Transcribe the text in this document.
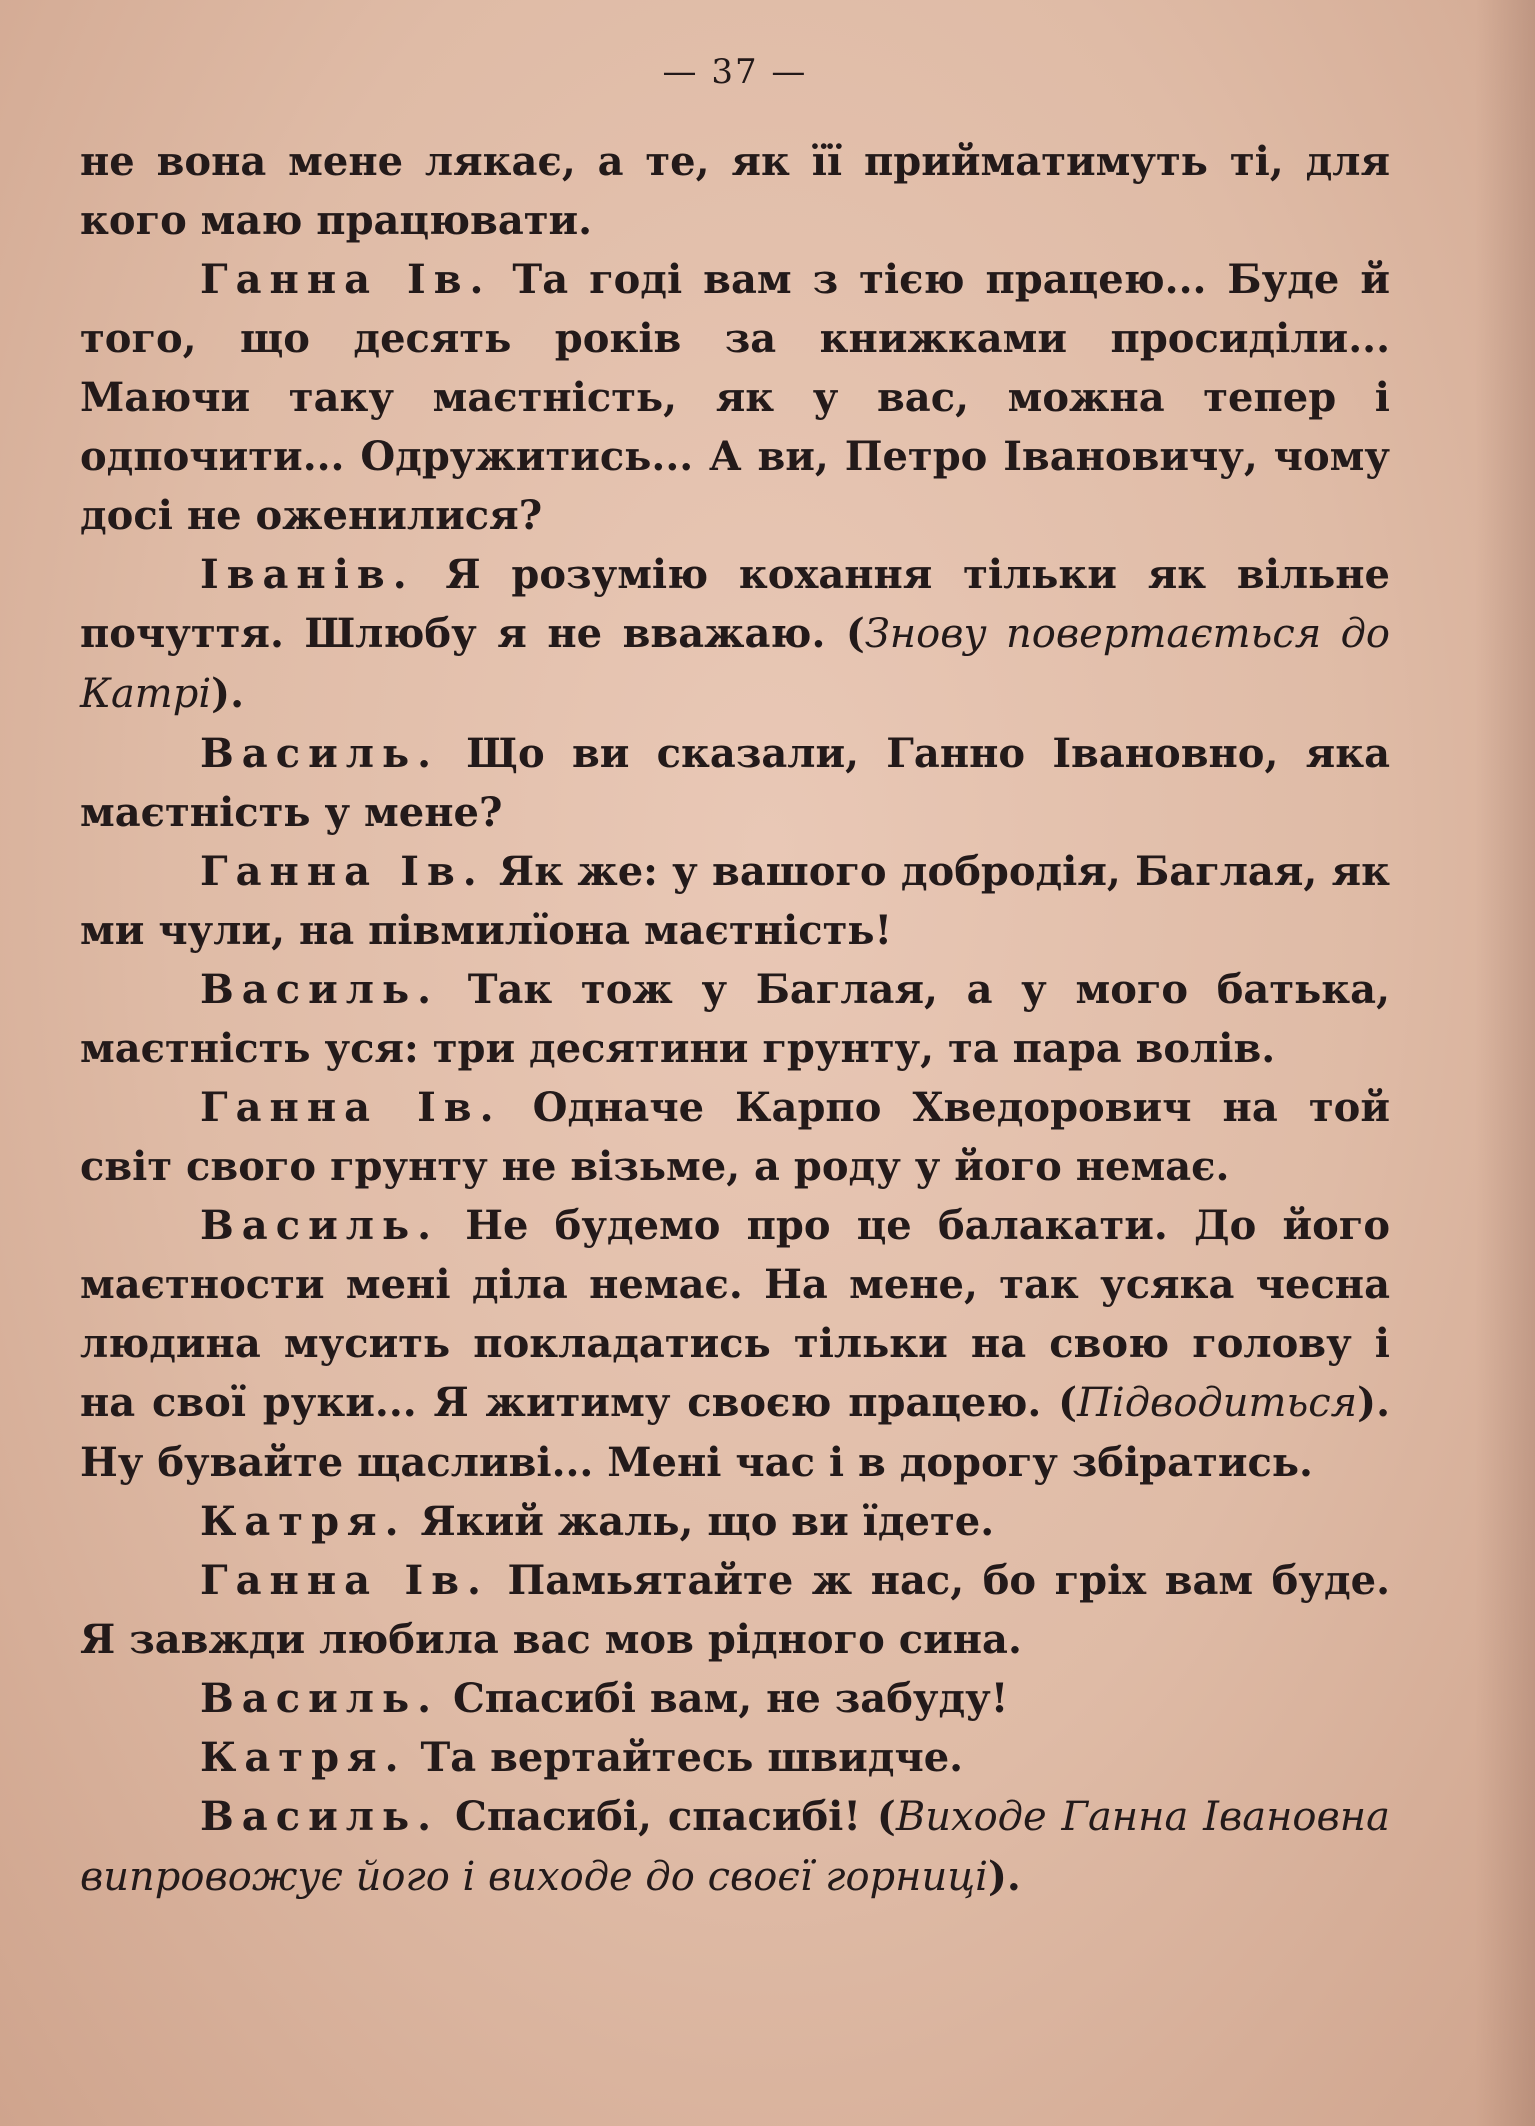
— 37 —

не вона мене лякає, а те, як її прийматимуть ті, для кого маю працювати.

Ганна Ів. Та годі вам з тією працею... Буде й того, що десять років за книжками просиділи... Маючи таку маєтність, як у вас, можна тепер і одпочити... Одружитись... А ви, Петро Івановичу, чому досі не оженилися?

Іванів. Я розумію кохання тільки як вільне почуття. Шлюбу я не вважаю. (Знову повертається до Катрі).

Василь. Що ви сказали, Ганно Івановно, яка маєтність у мене?

Ганна Ів. Як же: у вашого добродія, Баглая, як ми чули, на півмилїона маєтність!

Василь. Так тож у Баглая, а у мого батька, маєтність уся: три десятини грунту, та пара волів.

Ганна Ів. Одначе Карпо Хведорович на той світ свого грунту не візьме, а роду у його немає.

Василь. Не будемо про це балакати. До його маєтности мені діла немає. На мене, так усяка чесна людина мусить покладатись тільки на свою голову і на свої руки... Я житиму своєю працею. (Підводиться). Ну бувайте щасливі... Мені час і в дорогу збіратись.

Катря. Який жаль, що ви їдете.

Ганна Ів. Памьятайте ж нас, бо гріх вам буде. Я завжди любила вас мов рідного сина.

Василь. Спасибі вам, не забуду!

Катря. Та вертайтесь швидче.

Василь. Спасибі, спасибі! (Виходе Ганна Івановна випровожує його і виходе до своєї горниці).
